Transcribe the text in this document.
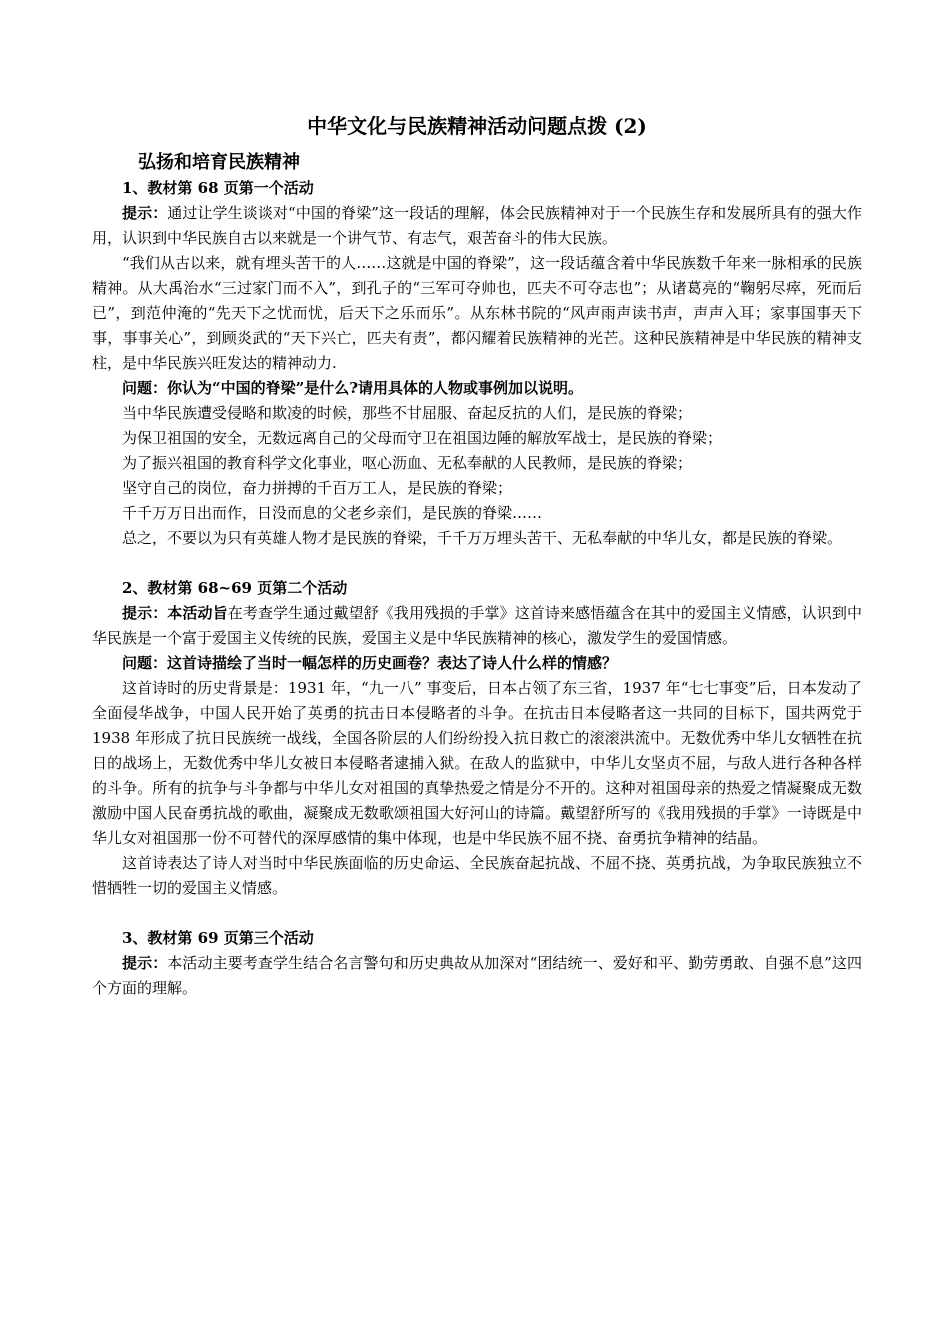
中华文化与民族精神活动问题点拨 (2)
弘扬和培育民族精神
1、教材第 68 页第一个活动

提示：通过让学生谈谈对“中国的脊梁”这一段话的理解，体会民族精神对于一个民族生存和发展所具有的强大作用，认识到中华民族自古以来就是一个讲气节、有志气，艰苦奋斗的伟大民族。

“我们从古以来，就有埋头苦干的人……这就是中国的脊梁”，这一段话蕴含着中华民族数千年来一脉相承的民族精神。从大禹治水“三过家门而不入”，到孔子的“三军可夺帅也，匹夫不可夺志也”；从诸葛亮的“鞠躬尽瘁，死而后已”，到范仲淹的“先天下之忧而忧，后天下之乐而乐”。从东林书院的“风声雨声读书声，声声入耳；家事国事天下事，事事关心”，到顾炎武的“天下兴亡，匹夫有责”，都闪耀着民族精神的光芒。这种民族精神是中华民族的精神支柱，是中华民族兴旺发达的精神动力.

问题：你认为“中国的脊梁”是什么?请用具体的人物或事例加以说明。

当中华民族遭受侵略和欺凌的时候，那些不甘屈服、奋起反抗的人们，是民族的脊梁；

为保卫祖国的安全，无数远离自己的父母而守卫在祖国边陲的解放军战士，是民族的脊梁；

为了振兴祖国的教育科学文化事业，呕心沥血、无私奉献的人民教师，是民族的脊梁；

坚守自己的岗位，奋力拼搏的千百万工人，是民族的脊梁；

千千万万日出而作，日没而息的父老乡亲们，是民族的脊梁……

总之，不要以为只有英雄人物才是民族的脊梁，千千万万埋头苦干、无私奉献的中华儿女，都是民族的脊梁。

2、教材第 68~69 页第二个活动

提示：本活动旨在考查学生通过戴望舒《我用残损的手掌》这首诗来感悟蕴含在其中的爱国主义情感，认识到中华民族是一个富于爱国主义传统的民族，爱国主义是中华民族精神的核心，激发学生的爱国情感。

问题：这首诗描绘了当时一幅怎样的历史画卷？表达了诗人什么样的情感？

这首诗时的历史背景是：1931 年，“九一八” 事变后，日本占领了东三省，1937 年“七七事变”后，日本发动了全面侵华战争，中国人民开始了英勇的抗击日本侵略者的斗争。在抗击日本侵略者这一共同的目标下，国共两党于 1938 年形成了抗日民族统一战线，全国各阶层的人们纷纷投入抗日救亡的滚滚洪流中。无数优秀中华儿女牺牲在抗日的战场上，无数优秀中华儿女被日本侵略者逮捕入狱。在敌人的监狱中，中华儿女坚贞不屈，与敌人进行各种各样的斗争。所有的抗争与斗争都与中华儿女对祖国的真挚热爱之情是分不开的。这种对祖国母亲的热爱之情凝聚成无数激励中国人民奋勇抗战的歌曲，凝聚成无数歌颂祖国大好河山的诗篇。戴望舒所写的《我用残损的手掌》一诗既是中华儿女对祖国那一份不可替代的深厚感情的集中体现，也是中华民族不屈不挠、奋勇抗争精神的结晶。

这首诗表达了诗人对当时中华民族面临的历史命运、全民族奋起抗战、不屈不挠、英勇抗战，为争取民族独立不惜牺牲一切的爱国主义情感。

3、教材第 69 页第三个活动

提示：本活动主要考查学生结合名言警句和历史典故从加深对“团结统一、爱好和平、勤劳勇敢、自强不息”这四个方面的理解。
